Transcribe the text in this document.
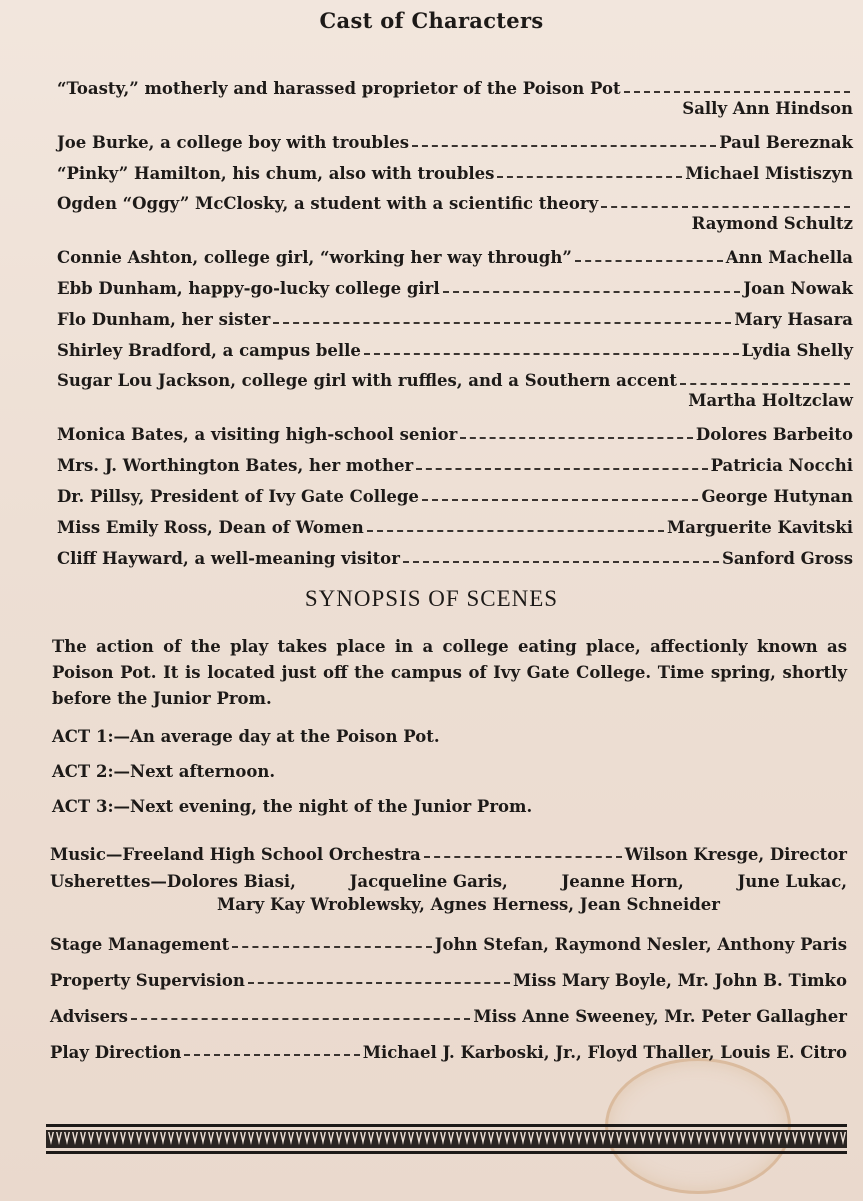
Cast of Characters
“Toasty,” motherly and harassed proprietor of the Poison Pot
Sally Ann Hindson
Joe Burke, a college boy with troubles	Paul Bereznak
“Pinky” Hamilton, his chum, also with troubles	Michael Mistiszyn
Ogden “Oggy” McClosky, a student with a scientific theory
Raymond Schultz
Connie Ashton, college girl, “working her way through”	Ann Machella
Ebb Dunham, happy-go-lucky college girl	Joan Nowak
Flo Dunham, her sister	Mary Hasara
Shirley Bradford, a campus belle	Lydia Shelly
Sugar Lou Jackson, college girl with ruffles, and a Southern accent
Martha Holtzclaw
Monica Bates, a visiting high-school senior	Dolores Barbeito
Mrs. J. Worthington Bates, her mother	Patricia Nocchi
Dr. Pillsy, President of Ivy Gate College	George Hutynan
Miss Emily Ross, Dean of Women	Marguerite Kavitski
Cliff Hayward, a well-meaning visitor	Sanford Gross
SYNOPSIS OF SCENES
The action of the play takes place in a college eating place, affectionly known as Poison Pot. It is located just off the campus of Ivy Gate College. Time spring, shortly before the Junior Prom.
ACT 1:—An average day at the Poison Pot.
ACT 2:—Next afternoon.
ACT 3:—Next evening, the night of the Junior Prom.
Music—Freeland High School Orchestra	Wilson Kresge, Director
Usherettes—Dolores Biasi,	Jacqueline Garis,	Jeanne Horn,	June Lukac,
Mary Kay Wroblewsky, Agnes Herness, Jean Schneider
Stage Management	John Stefan, Raymond Nesler, Anthony Paris
Property Supervision	Miss Mary Boyle, Mr. John B. Timko
Advisers	Miss Anne Sweeney, Mr. Peter Gallagher
Play Direction	Michael J. Karboski, Jr., Floyd Thaller, Louis E. Citro
